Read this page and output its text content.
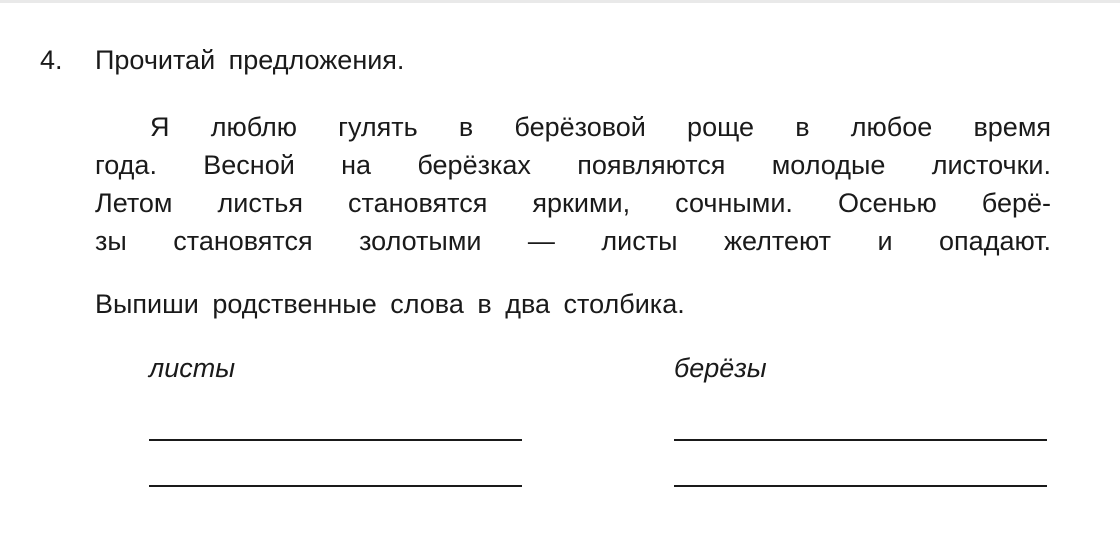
4. Прочитай предложения.
Я люблю гулять в берёзовой роще в любое время
года. Весной на берёзках появляются молодые листочки.
Летом листья становятся яркими, сочными. Осенью берё-
зы становятся золотыми — листы желтеют и опадают.
Выпиши родственные слова в два столбика.
листы	берёзы
